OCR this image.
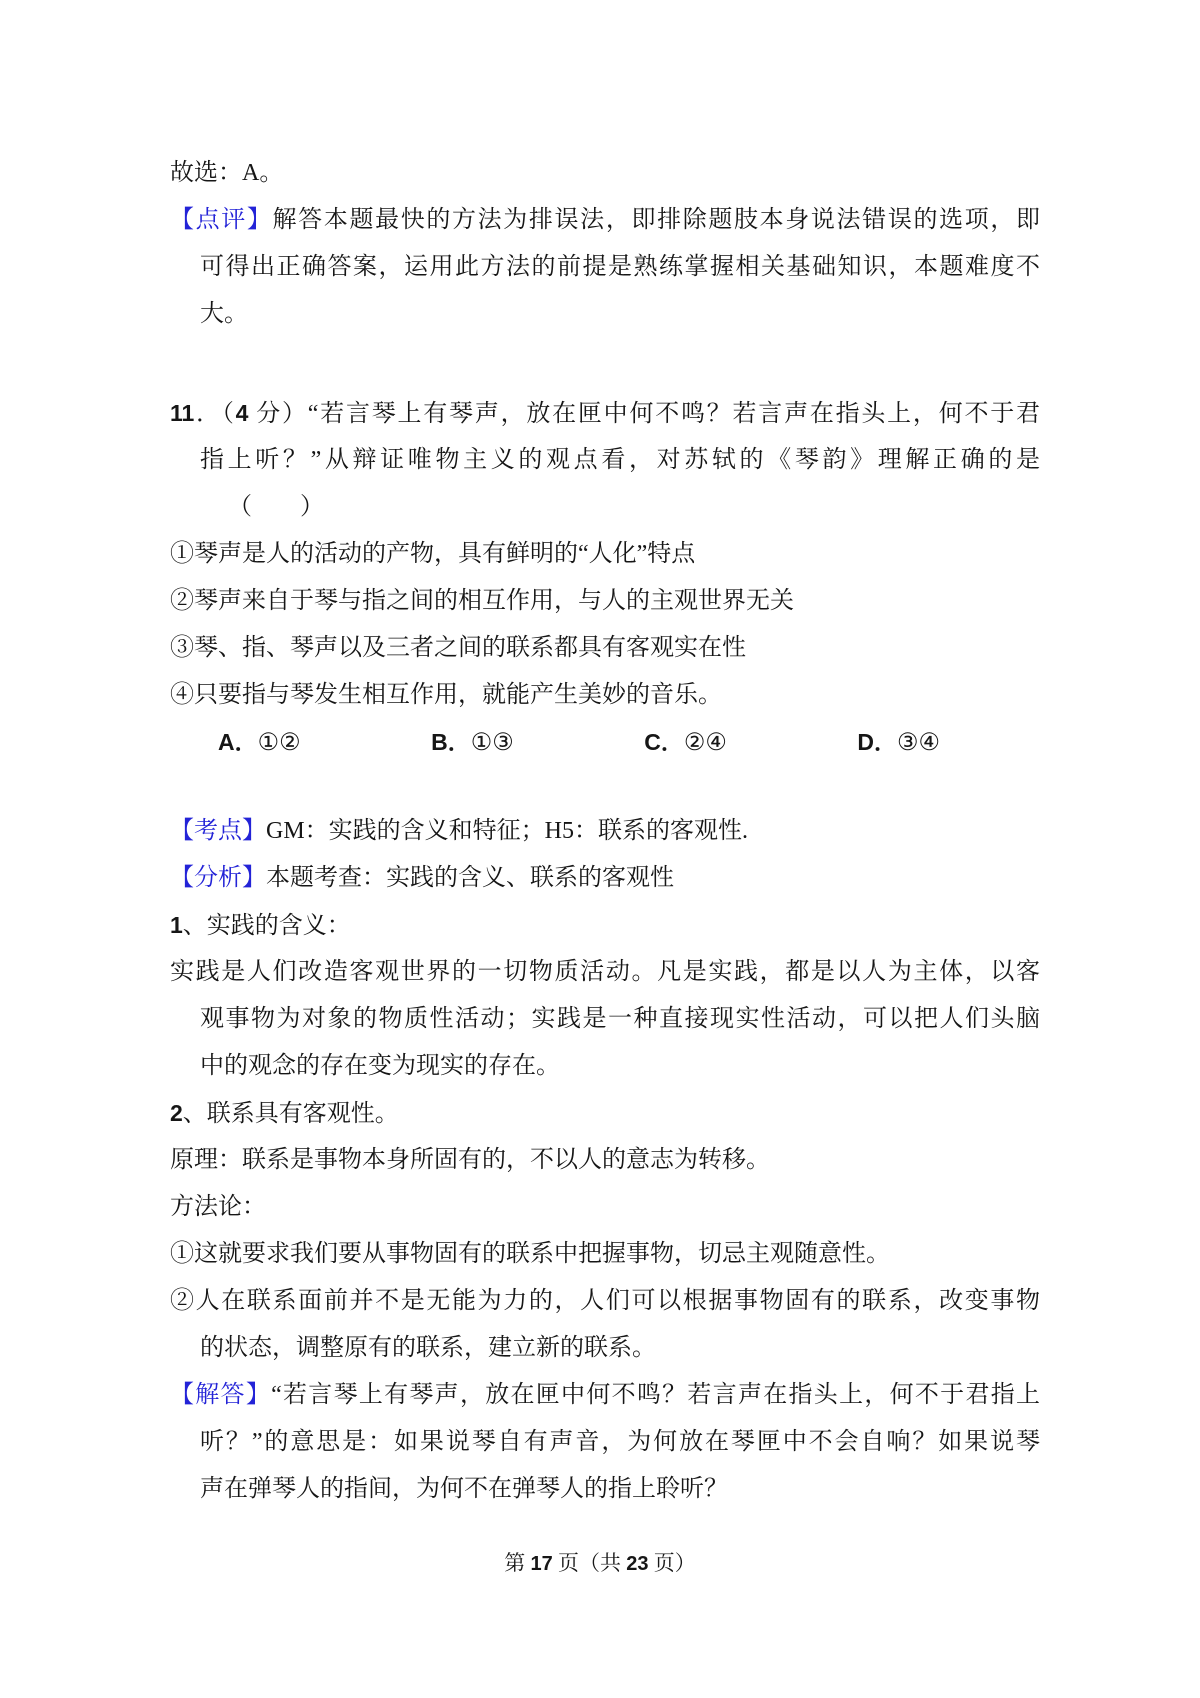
故选：A。
【点评】解答本题最快的方法为排误法，即排除题肢本身说法错误的选项，即
可得出正确答案，运用此方法的前提是熟练掌握相关基础知识，本题难度不
大。
11．（4 分）“若言琴上有琴声，放在匣中何不鸣？若言声在指头上，何不于君
指上听？”从辩证唯物主义的观点看，对苏轼的《琴韵》理解正确的是
（　　）
①琴声是人的活动的产物，具有鲜明的“人化”特点
②琴声来自于琴与指之间的相互作用，与人的主观世界无关
③琴、指、琴声以及三者之间的联系都具有客观实在性
④只要指与琴发生相互作用，就能产生美妙的音乐。
A．①②	B．①③	C．②④	D．③④
【考点】GM：实践的含义和特征；H5：联系的客观性.
【分析】本题考查：实践的含义、联系的客观性
1、实践的含义：
实践是人们改造客观世界的一切物质活动。凡是实践，都是以人为主体，以客
观事物为对象的物质性活动；实践是一种直接现实性活动，可以把人们头脑
中的观念的存在变为现实的存在。
2、联系具有客观性。
原理：联系是事物本身所固有的，不以人的意志为转移。
方法论：
①这就要求我们要从事物固有的联系中把握事物，切忌主观随意性。
②人在联系面前并不是无能为力的，人们可以根据事物固有的联系，改变事物
的状态，调整原有的联系，建立新的联系。
【解答】“若言琴上有琴声，放在匣中何不鸣？若言声在指头上，何不于君指上
听？”的意思是：如果说琴自有声音，为何放在琴匣中不会自响？如果说琴
声在弹琴人的指间，为何不在弹琴人的指上聆听？
第 17 页（共 23 页）
